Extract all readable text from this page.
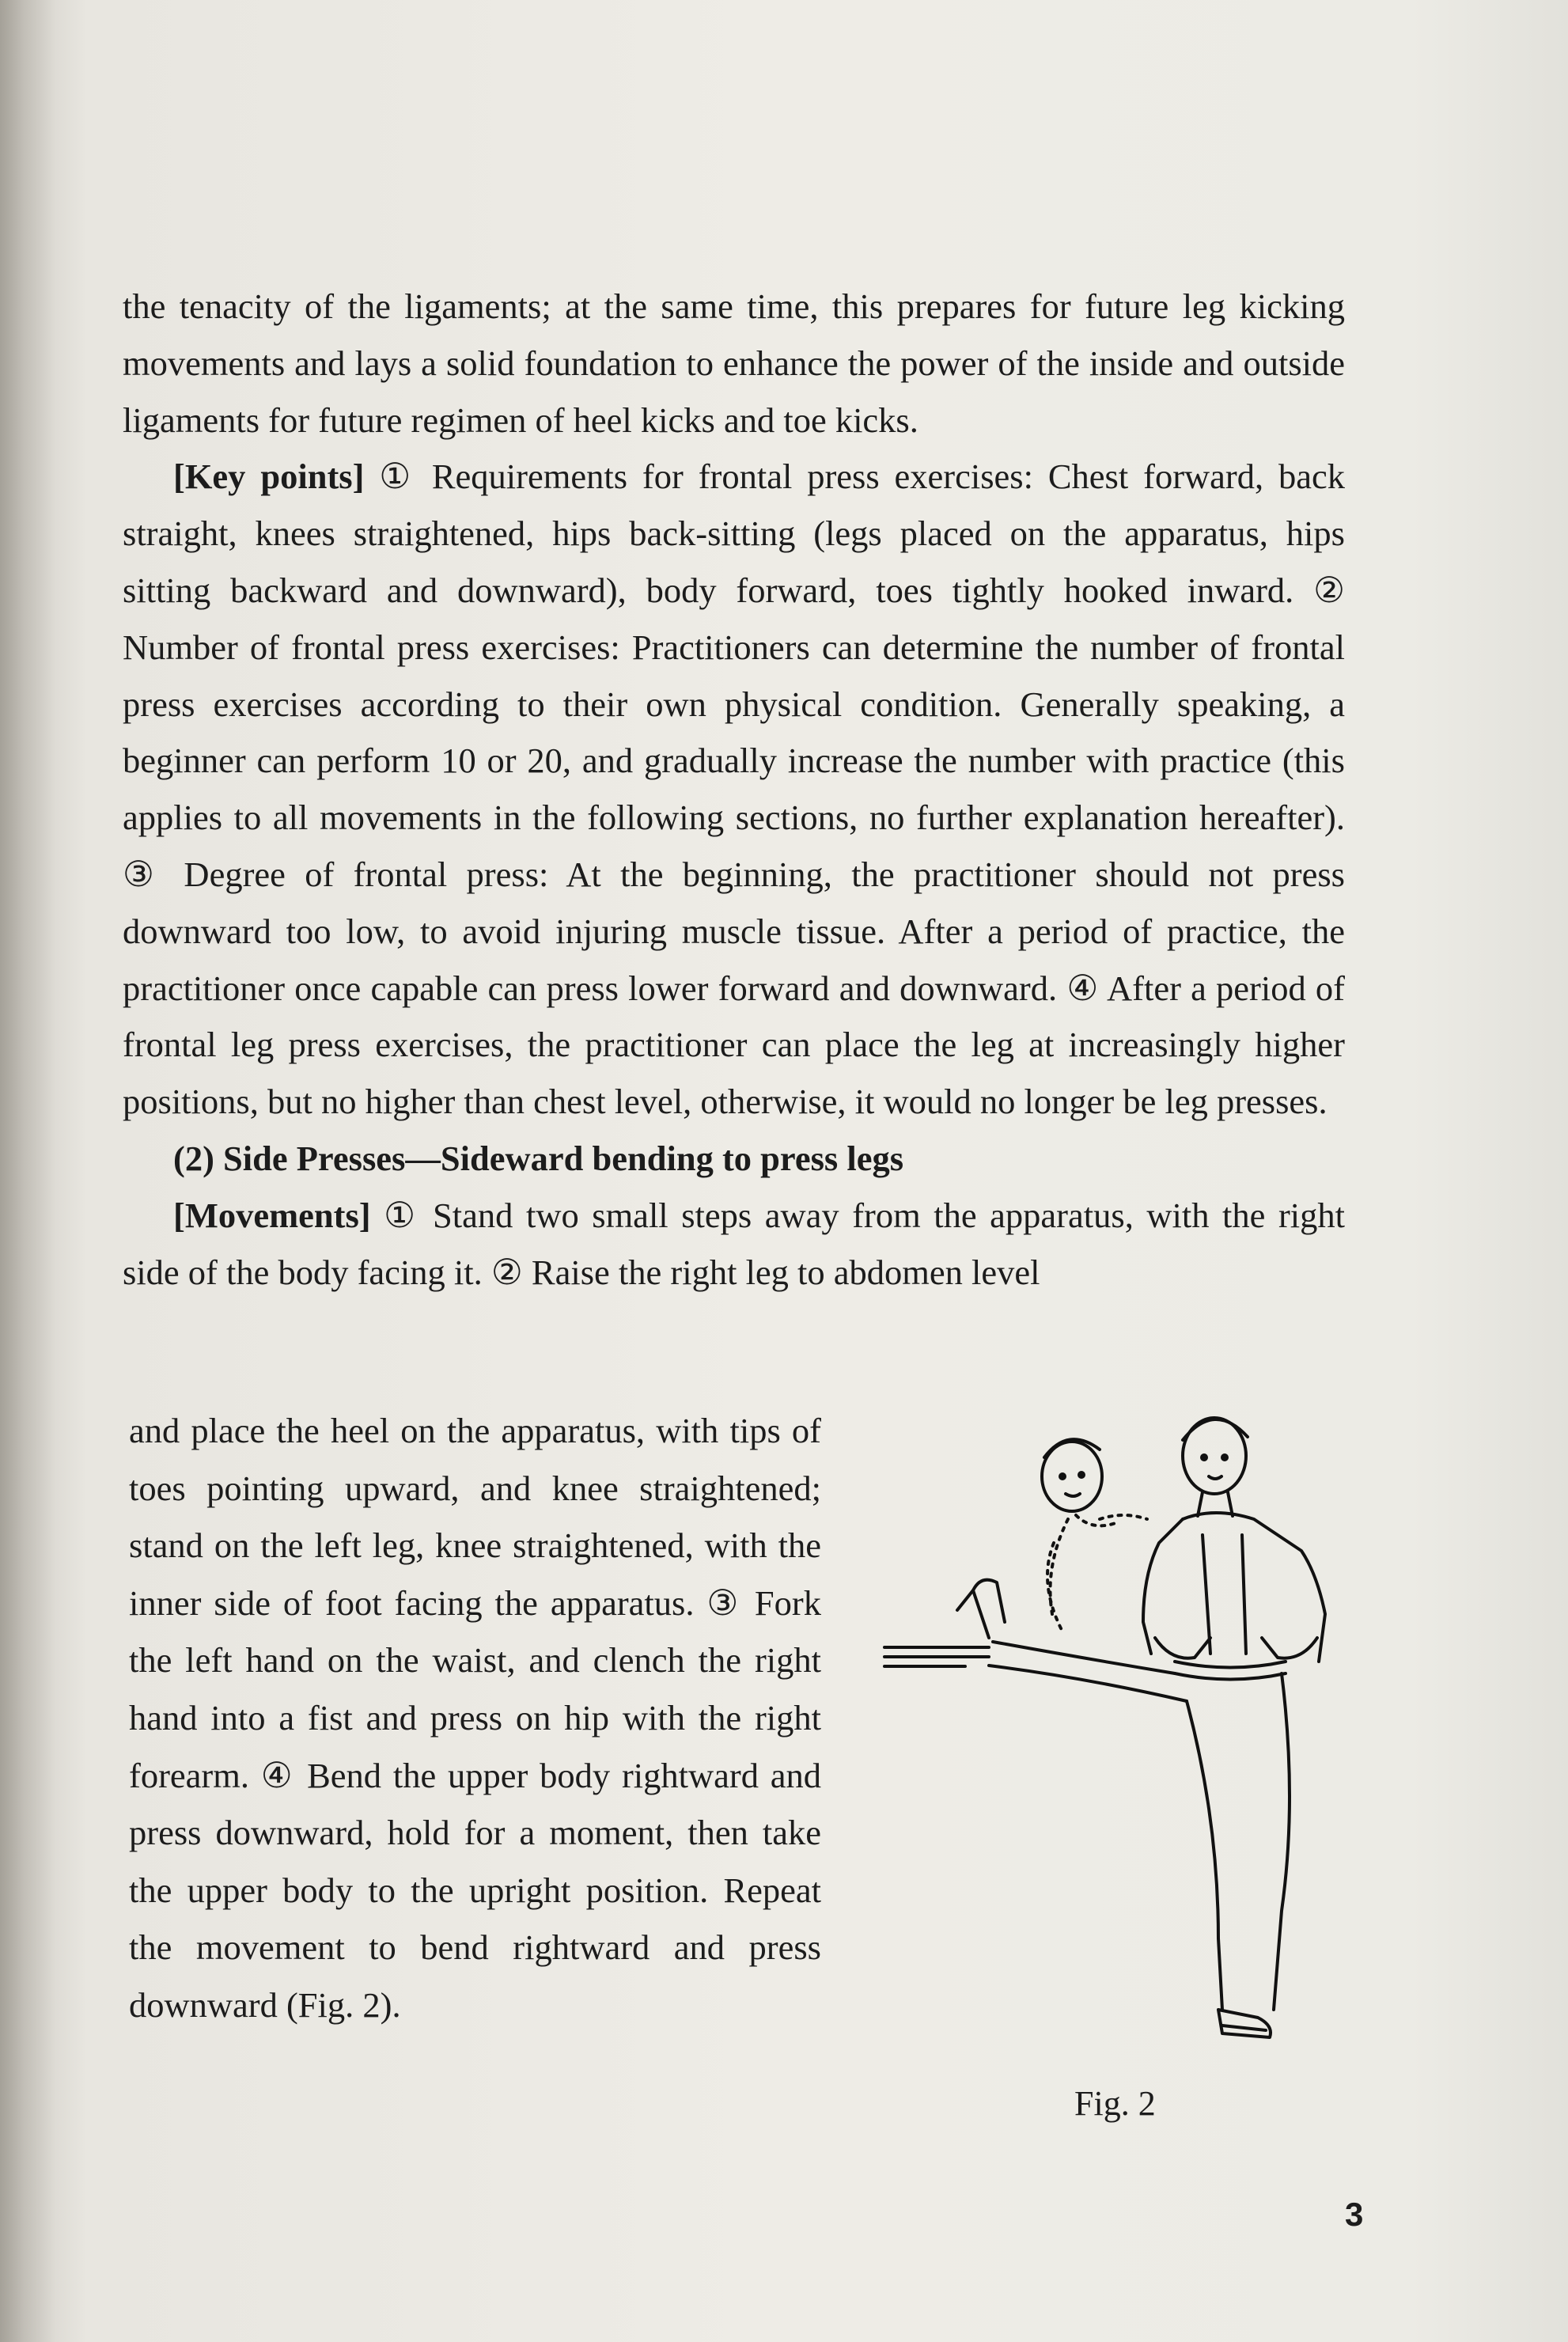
the tenacity of the ligaments; at the same time, this prepares for future leg kicking movements and lays a solid foundation to enhance the power of the inside and outside ligaments for future regimen of heel kicks and toe kicks.

[Key points] ① Requirements for frontal press exercises: Chest forward, back straight, knees straightened, hips back-sitting (legs placed on the apparatus, hips sitting backward and downward), body forward, toes tightly hooked inward. ② Number of frontal press exercises: Practitioners can determine the number of frontal press exercises according to their own physical condition. Generally speaking, a beginner can perform 10 or 20, and gradually increase the number with practice (this applies to all movements in the following sections, no further explanation hereafter). ③ Degree of frontal press: At the beginning, the practitioner should not press downward too low, to avoid injuring muscle tissue. After a period of practice, the practitioner once capable can press lower forward and downward. ④ After a period of frontal leg press exercises, the practitioner can place the leg at increasingly higher positions, but no higher than chest level, otherwise, it would no longer be leg presses.

(2) Side Presses—Sideward bending to press legs

[Movements] ① Stand two small steps away from the apparatus, with the right side of the body facing it. ② Raise the right leg to abdomen level

and place the heel on the apparatus, with tips of toes pointing upward, and knee straightened; stand on the left leg, knee straightened, with the inner side of foot facing the apparatus. ③ Fork the left hand on the waist, and clench the right hand into a fist and press on hip with the right forearm. ④ Bend the upper body rightward and press downward, hold for a moment, then take the upper body to the upright position. Repeat the movement to bend rightward and press downward (Fig. 2).

Fig. 2
3
